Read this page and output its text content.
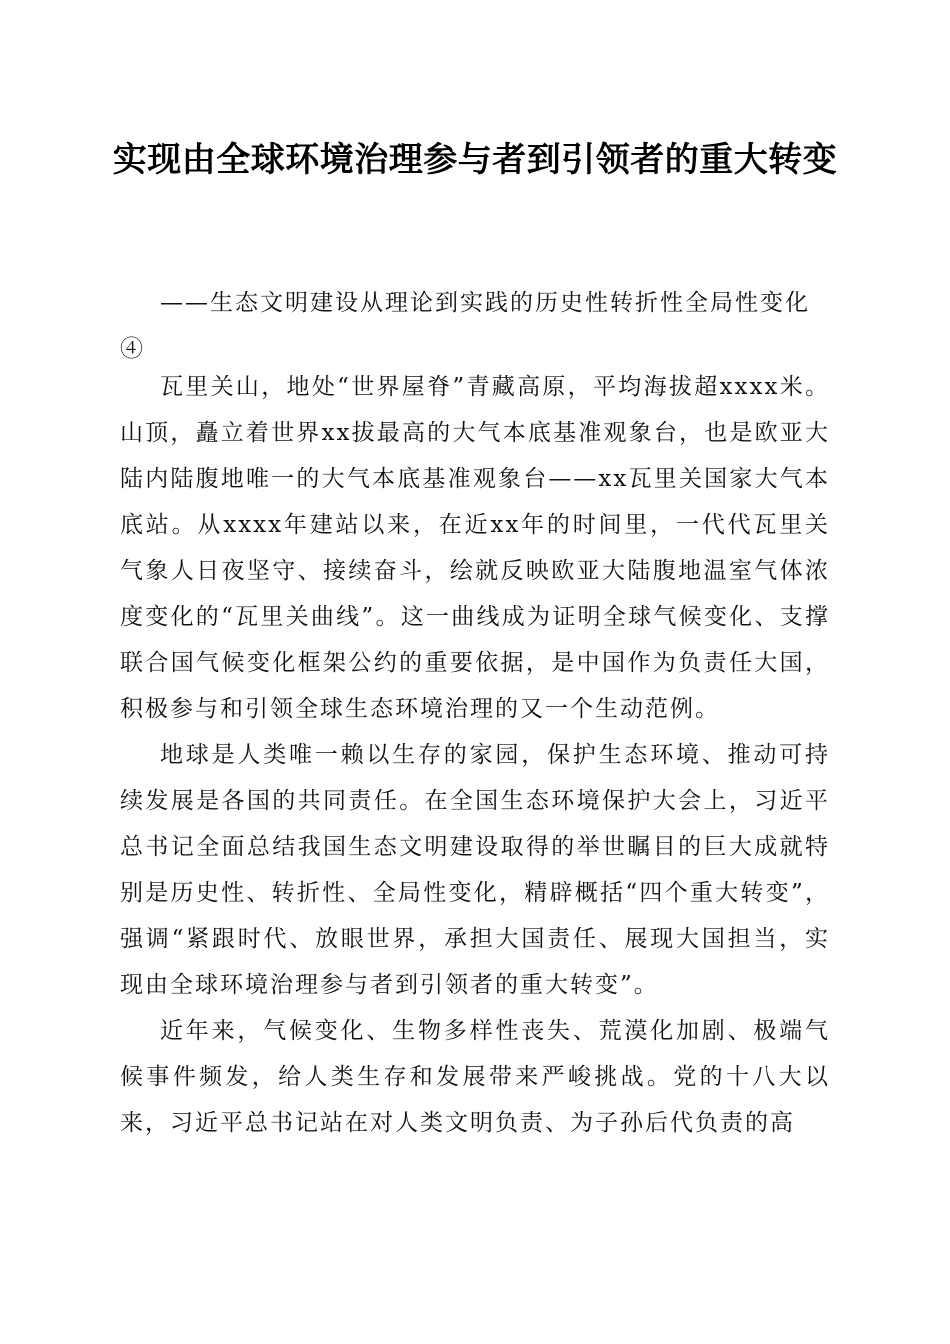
实现由全球环境治理参与者到引领者的重大转变
——生态文明建设从理论到实践的历史性转折性全局性变化④

瓦里关山，地处“世界屋脊”青藏高原，平均海拔超xxxx米。山顶，矗立着世界xx拔最高的大气本底基准观象台，也是欧亚大陆内陆腹地唯一的大气本底基准观象台——xx瓦里关国家大气本底站。从xxxx年建站以来，在近xx年的时间里，一代代瓦里关气象人日夜坚守、接续奋斗，绘就反映欧亚大陆腹地温室气体浓度变化的“瓦里关曲线”。这一曲线成为证明全球气候变化、支撑联合国气候变化框架公约的重要依据，是中国作为负责任大国，积极参与和引领全球生态环境治理的又一个生动范例。

地球是人类唯一赖以生存的家园，保护生态环境、推动可持续发展是各国的共同责任。在全国生态环境保护大会上，习近平总书记全面总结我国生态文明建设取得的举世瞩目的巨大成就特别是历史性、转折性、全局性变化，精辟概括“四个重大转变”，强调“紧跟时代、放眼世界，承担大国责任、展现大国担当，实现由全球环境治理参与者到引领者的重大转变”。

近年来，气候变化、生物多样性丧失、荒漠化加剧、极端气候事件频发，给人类生存和发展带来严峻挑战。党的十八大以来，习近平总书记站在对人类文明负责、为子孙后代负责的高
